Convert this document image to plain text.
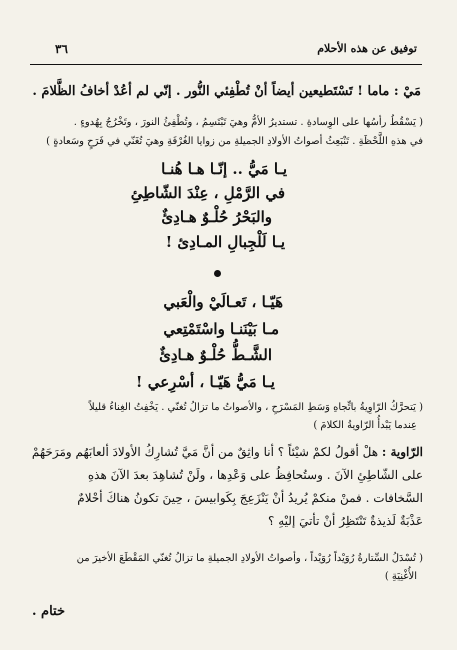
توفيق عن هذه الأحلام
٣٦
مَيْ : ماما ! تَسْتَطيعين أيضاً أنْ تُطْفِئي النُّور . إنّي لم أعُدْ أخافُ الظَّلامَ .
( يَسْقُطُ رأسُها على الوِسادةِ . تستديرُ الأمُّ وهيَ تَبْتَسِمُ ، وتُطْفِئُ النورَ ، وتَخْرُجُ بِهُدوءٍ .
في هذهِ اللَّحْظَةِ . تَنْبَعِثُ أصواتُ الأولادِ الجميلةِ من زوايا الغُرْفَةِ وهيَ تُغَنّي في فَرَحٍ وسَعادةٍ )
يـا مَيُّ .. إنّـا هـا هُنـا
في الرَّمْلِ ، عِنْدَ الشّاطِئِ
والبَحْرُ حُلْـوٌ هـادِئٌ
يـا لَلْجِبالِ المـادِئ !
هَيّـا ، تَعـالَيْ والْعَبي
مـا بَيْنَنـا واسْتَمْتِعي
الشَّـطُّ حُلْـوٌ هـادِئٌ
يـا مَيُّ هَيّـا ، أسْرِعي !
( يَتحرَّكُ الرّاوِيةُ باتِّجاهِ وَسَطِ المَسْرَحِ ، والأصواتُ ما تزالُ تُغنّي . يَخْفِتُ الغِناءُ قليلاً
عِندما يَبْدأُ الرّاويةُ الكلامَ )
الرّاوية : هلْ أقولُ لكمْ شيْئاً ؟ أنا واثِقٌ من أنَّ مَيَّ تُشارِكُ الأولادَ ألعابَهُم ومَرَحَهُمْ
على الشّاطِئِ الآنَ . وستُحافِظُ على وَعْدِها ، ولَنْ تُشاهِدَ بعدَ الآنَ هذهِ
السَّخافات . فمنْ منكمْ يُريدُ أنْ يَنْزَعِجَ بِكَوابيسَ ، حِينَ تكونُ هناكَ أحْلامٌ
عَذْبَةٌ لَذيذةٌ تَنْتَظِرُ أنْ تأتيَ إليْهِ ؟
( تُسْدَلُ السِّتارةُ رُوَيْداً رُوَيْداً ، وأصواتُ الأولادِ الجميلةِ ما تزالُ تُغنّي المَقْطَعَ الأخيرَ من
الأُغْنِيَةِ )
ختام .
